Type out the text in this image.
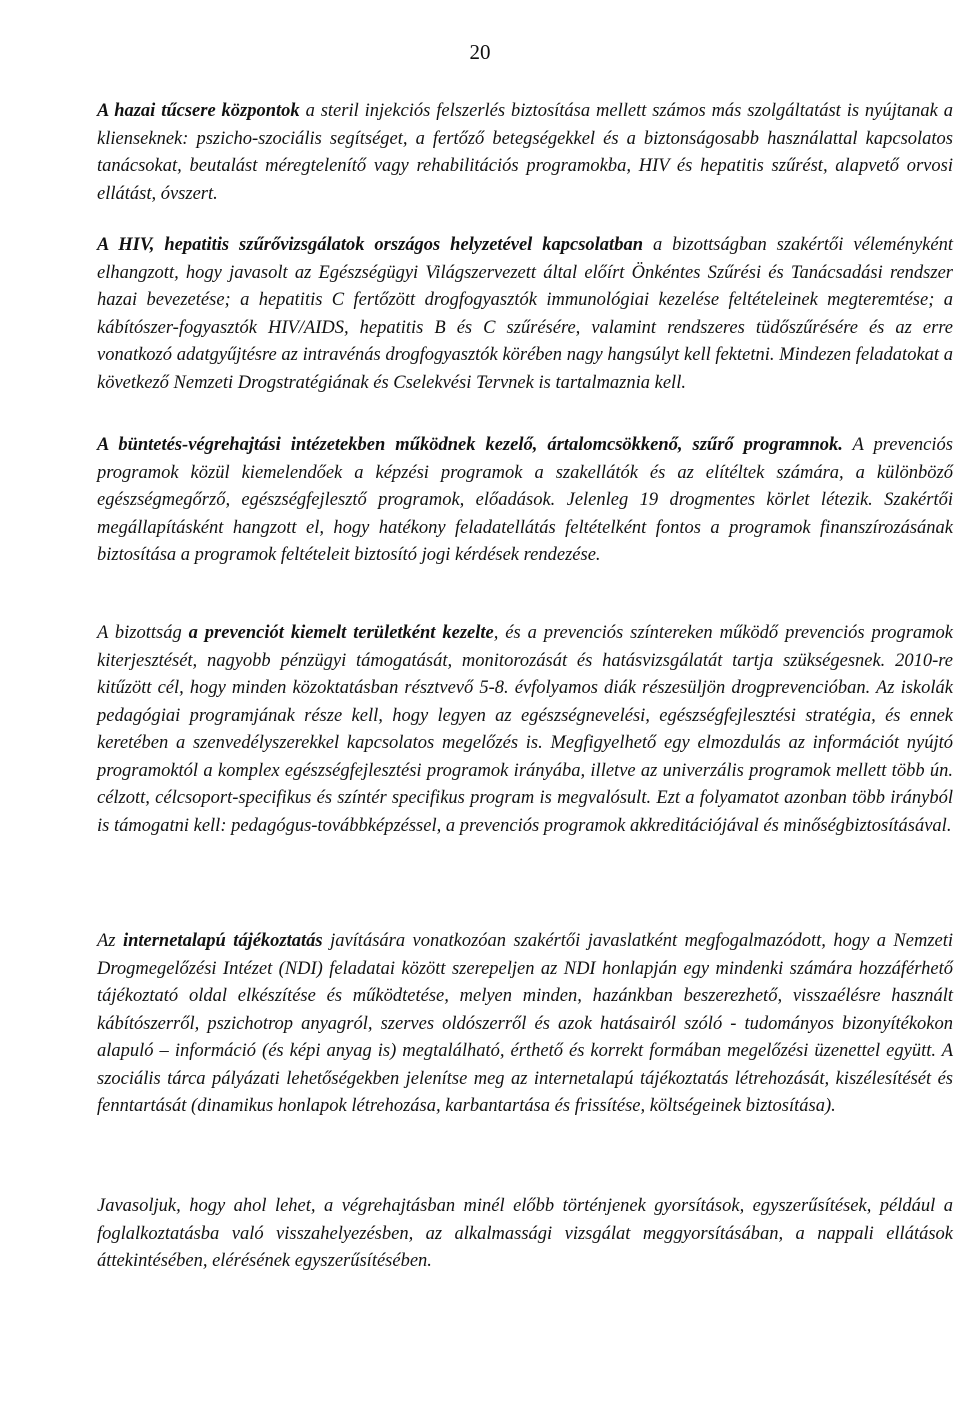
20

A hazai tűcsere központok a steril injekciós felszerlés biztosítása mellett számos más szolgáltatást is nyújtanak a klienseknek: pszicho-szociális segítséget, a fertőző betegségekkel és a biztonságosabb használattal kapcsolatos tanácsokat, beutalást méregtelenítő vagy rehabilitációs programokba, HIV és hepatitis szűrést, alapvető orvosi ellátást, óvszert.

A HIV, hepatitis szűrővizsgálatok országos helyzetével kapcsolatban a bizottságban szakértői véleményként elhangzott, hogy javasolt az Egészségügyi Világszervezett által előírt Önkéntes Szűrési és Tanácsadási rendszer hazai bevezetése; a hepatitis C fertőzött drogfogyasztók immunológiai kezelése feltételeinek megteremtése; a kábítószer-fogyasztók HIV/AIDS, hepatitis B és C szűrésére, valamint rendszeres tüdőszűrésére és az erre vonatkozó adatgyűjtésre az intravénás drogfogyasztók körében nagy hangsúlyt kell fektetni. Mindezen feladatokat a következő Nemzeti Drogstratégiának és Cselekvési Tervnek is tartalmaznia kell.

A büntetés-végrehajtási intézetekben működnek kezelő, ártalomcsökkenő, szűrő programnok. A prevenciós programok közül kiemelendőek a képzési programok a szakellátók és az elítéltek számára, a különböző egészségmegőrző, egészségfejlesztő programok, előadások. Jelenleg 19 drogmentes körlet létezik. Szakértői megállapításként hangzott el, hogy hatékony feladatellátás feltételként fontos a programok finanszírozásának biztosítása a programok feltételeit biztosító jogi kérdések rendezése.

A bizottság a prevenciót kiemelt területként kezelte, és a prevenciós színtereken működő prevenciós programok kiterjesztését, nagyobb pénzügyi támogatását, monitorozását és hatásvizsgálatát tartja szükségesnek. 2010-re kitűzött cél, hogy minden közoktatásban résztvevő 5-8. évfolyamos diák részesüljön drogprevencióban. Az iskolák pedagógiai programjának része kell, hogy legyen az egészségnevelési, egészségfejlesztési stratégia, és ennek keretében a szenvedélyszerekkel kapcsolatos megelőzés is. Megfigyelhető egy elmozdulás az információt nyújtó programoktól a komplex egészségfejlesztési programok irányába, illetve az univerzális programok mellett több ún. célzott, célcsoport-specifikus és színtér specifikus program is megvalósult. Ezt a folyamatot azonban több irányból is támogatni kell: pedagógus-továbbképzéssel, a prevenciós programok akkreditációjával és minőségbiztosításával.

Az internetalapú tájékoztatás javítására vonatkozóan szakértői javaslatként megfogalmazódott, hogy a Nemzeti Drogmegelőzési Intézet (NDI) feladatai között szerepeljen az NDI honlapján egy mindenki számára hozzáférhető tájékoztató oldal elkészítése és működtetése, melyen minden, hazánkban beszerezhető, visszaélésre használt kábítószerről, pszichotrop anyagról, szerves oldószerről és azok hatásairól szóló - tudományos bizonyítékokon alapuló – információ (és képi anyag is) megtalálható, érthető és korrekt formában megelőzési üzenettel együtt. A szociális tárca pályázati lehetőségekben jelenítse meg az internetalapú tájékoztatás létrehozását, kiszélesítését és fenntartását (dinamikus honlapok létrehozása, karbantartása és frissítése, költségeinek biztosítása).

Javasoljuk, hogy ahol lehet, a végrehajtásban minél előbb történjenek gyorsítások, egyszerűsítések, például a foglalkoztatásba való visszahelyezésben, az alkalmassági vizsgálat meggyorsításában, a nappali ellátások áttekintésében, elérésének egyszerűsítésében.
